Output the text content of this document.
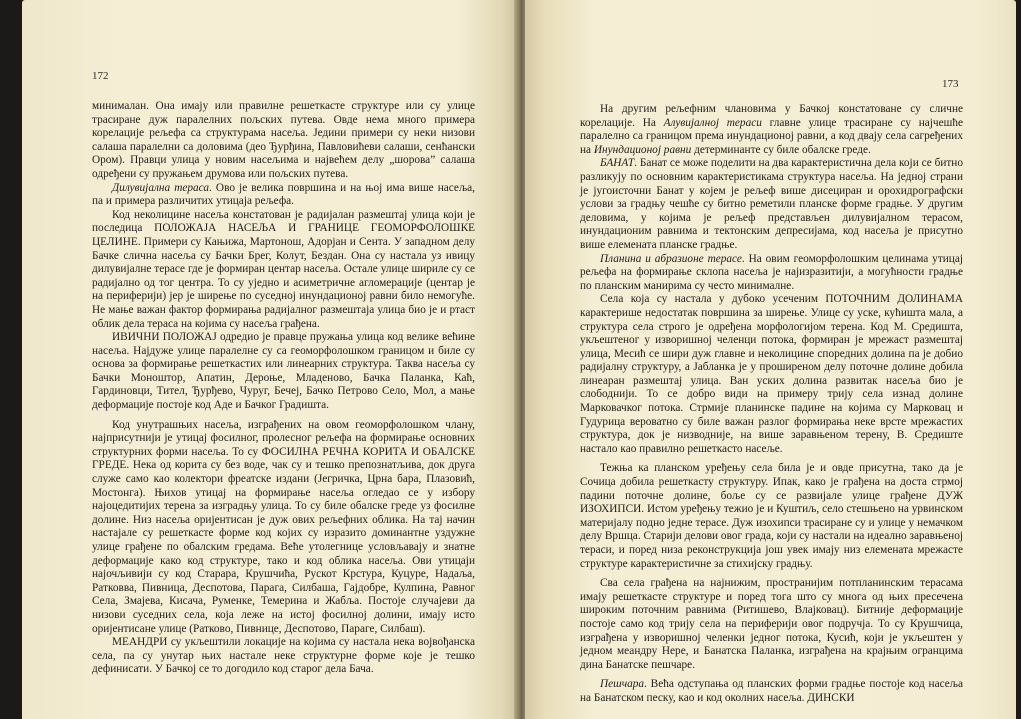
172

минималан. Она имају или правилне решеткасте структуре или су улице трасиране дуж паралелних пољских путева. Овде нема много примера корелације рељефа са структурама насеља. Једини примери су неки низови салаша паралелни са доловима (део Ђурђина, Павловићеви салаши, сенћански Ором). Правци улица у новим насељима и највећем делу „шорова” салаша одређени су пружањем друмова или пољских путева.

Дилувијална тераса. Ово је велика површина и на њој има више насеља, па и примера различитих утицаја рељефа.

Код неколицине насеља констатован је радијалан размештај улица који је последица ПОЛОЖАЈА НАСЕЉА И ГРАНИЦЕ ГЕОМОРФОЛОШКЕ ЦЕЛИНЕ. Примери су Кањижа, Мартонош, Адорјан и Сента. У западном делу Бачке слична насеља су Бачки Брег, Колут, Бездан. Она су настала уз ивицу дилувијалне терасе где је формиран центар насеља. Остале улице шириле су се радијално од тог центра. То су уједно и асиметричне агломерације (центар је на периферији) јер је ширење по суседној инундационој равни било немогуће. Не мање важан фактор формирања радијалног размештаја улица био је и ртаст облик дела тераса на којима су насеља грађена.

ИВИЧНИ ПОЛОЖАЈ одредио је правце пружања улица код велике већине насеља. Најдуже улице паралелне су са геоморфолошком границом и биле су основа за формирање решеткастих или линеарних структура. Таква насеља су Бачки Моноштор, Апатин, Дероње, Младеново, Бачка Паланка, Каћ, Гардиновци, Тител, Ђурђево, Чуруг, Бечеј, Бачко Петрово Село, Мол, а мање деформације постоје код Аде и Бачког Градишта.

Код унутрашњих насеља, изграђених на овом геоморфолошком члану, најприсутнији је утицај фосилног, пролесног рељефа на формирање основних структурних форми насеља. То су ФОСИЛНА РЕЧНА КОРИТА И ОБАЛСКЕ ГРЕДЕ. Нека од корита су без воде, чак су и тешко препознатљива, док друга служе само као колектори фреатске издани (Јегричка, Црна бара, Плазовић, Мостонга). Њихов утицај на формирање насеља огледао се у избору најоцедитијих терена за изградњу улица. То су биле обалске греде уз фосилне долине. Низ насеља оријентисан је дуж ових рељефних облика. На тај начин настајале су решеткасте форме код којих су изразито доминантне уздужне улице грађене по обалским гредама. Веће утолегнице условљавају и знатне деформације како код структуре, тако и код облика насеља. Ови утицаји најочљивији су код Старара, Крушчића, Рускот Крстура, Куцуре, Надаља, Ратковва, Пивница, Деспотова, Парага, Силбаша, Гајдобре, Кулпина, Равног Села, Змајева, Кисача, Руменке, Темерина и Жабља. Постоје случајеви да низови суседних села, која леже на истој фосилној долини, имају исто оријентисане улице (Ратково, Пивнице, Деспотово, Параге, Силбаш).

МЕАНДРИ су укљештили локације на којима су настала нека војвођанска села, па су унутар њих настале неке структурне форме које је тешко дефинисати. У Бачкој се то догодило код старог дела Бача.

173

На другим рељефним члановима у Бачкој констатоване су сличне корелације. На Алувијалној тераси главне улице трасиране су најчешће паралелно са границом према инундационој равни, а код двају села сагређених на Инундационој равни детерминанте су биле обалске греде.

БАНАТ. Банат се може поделити на два карактеристична дела који се битно разликују по основним карактеристикама структура насеља. На једној страни је југоисточни Банат у којем је рељеф више дисециран и орохидрографски услови за градњу чешће су битно реметили планске форме градње. У другим деловима, у којима је рељеф представљен дилувијалном терасом, инундационим равнима и тектонским депресијама, код насеља је присутно више елемената планске градње.

Планина и абразионе терасе. На овим геоморфолошким целинама утицај рељефа на формирање склопа насеља је најизразитији, а могућности градње по планским манирима су често минималне.

Села која су настала у дубоко усеченим ПОТОЧНИМ ДОЛИНАМА карактерише недостатак површина за ширење. Улице су уске, кућишта мала, а структура села строго је одређена морфологијом терена. Код М. Средишта, укљештеног у изворишној челенци потока, формиран је мрежаст размештај улица, Месић се шири дуж главне и неколицине споредних долина па је добио радијалну структуру, а Јабланка је у проширеном делу поточне долине добила линеаран размештај улица. Ван уских долина развитак насеља био је слободнији. То се добро види на примеру трију села изнад долине Марковачког потока. Стрмије планинске падине на којима су Марковац и Гудурица вероватно су биле важан разлог формирања неке врсте мрежастих структура, док је низводније, на више заравњеном терену, В. Средиште настало као правилно решеткасто насеље.

Тежња ка планском уређењу села била је и овде присутна, тако да је Сочица добила решеткасту структуру. Ипак, како је грађена на доста стрмој падини поточне долине, боље су се развијале улице грађене ДУЖ ИЗОХИПСИ. Истом уређењу тежио је и Куштиљ, село стешњено на урвинском материјалу подно једне терасе. Дуж изохипси трасиране су и улице у немачком делу Вршца. Старији делови овог града, који су настали на идеално заравњеној тераси, и поред низа реконструкција још увек имају низ елемената мрежасте структуре карактеристичне за стихијску градњу.

Сва села грађена на најнижим, пространијим потпланинским терасама имају решеткасте структуре и поред тога што су многа од њих пресечена широким поточним равнима (Ритишево, Влајковац). Битније деформације постоје само код трију села на периферији овог подручја. То су Крушчица, изграђена у изворишној челенки једног потока, Кусић, који је укљештен у једном меандру Нере, и Банатска Паланка, изграђена на крајњим огранцима дина Банатске пешчаре.

Пешчара. Већа одступања од планских форми градње постоје код насеља на Банатском песку, као и код околних насеља. ДИНСКИ
